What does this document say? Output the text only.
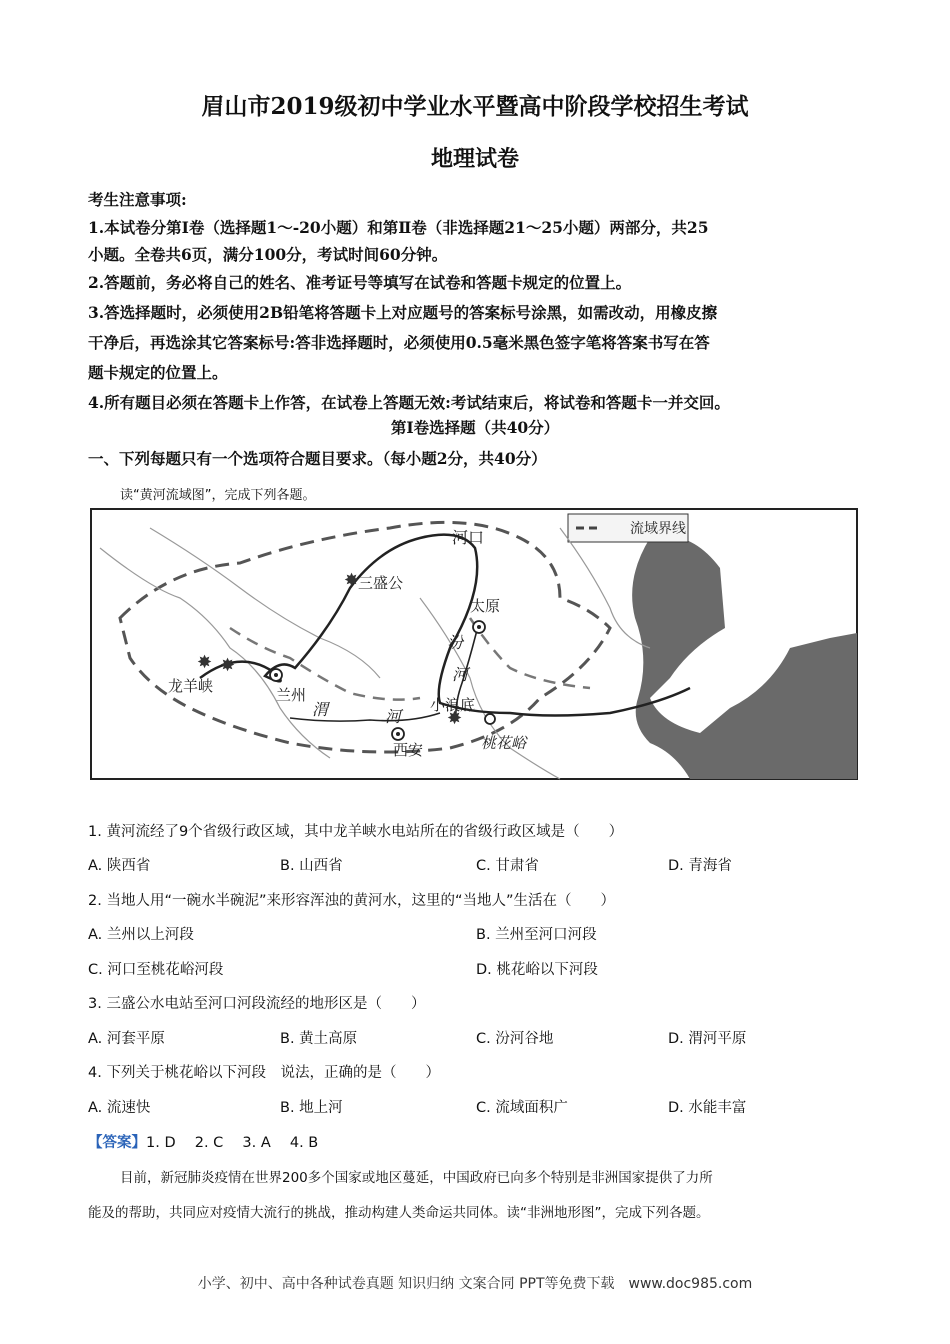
眉山市2019级初中学业水平暨高中阶段学校招生考试
地理试卷
考生注意事项:
1.本试卷分第Ⅰ卷（选择题1～-20小题）和第Ⅱ卷（非选择题21～25小题）两部分，共25
小题。全卷共6页，满分100分，考试时间60分钟。
2.答题前，务必将自己的姓名、准考证号等填写在试卷和答题卡规定的位置上。
3.答选择题时，必须使用2B铅笔将答题卡上对应题号的答案标号涂黑，如需改动，用橡皮擦
干净后，再选涂其它答案标号:答非选择题时，必须使用0.5毫米黑色签字笔将答案书写在答
题卡规定的位置上。
4.所有题目必须在答题卡上作答，在试卷上答题无效:考试结束后，将试卷和答题卡一并交回。
第Ⅰ卷选择题（共40分）
一、下列每题只有一个选项符合题目要求。（每小题2分，共40分）
读“黄河流域图”，完成下列各题。
流域界线
✸
✸ ✸
✸
河口
三盛公
太原
汾
河
龙羊峡	兰州
渭	河
小浪底
西安	桃花峪
1. 黄河流经了9个省级行政区域，其中龙羊峡水电站所在的省级行政区域是（　　）
A. 陕西省	B. 山西省	C. 甘肃省	D. 青海省
2. 当地人用“一碗水半碗泥”来形容浑浊的黄河水，这里的“当地人”生活在（　　）
A. 兰州以上河段	B. 兰州至河口河段
C. 河口至桃花峪河段	D. 桃花峪以下河段
3. 三盛公水电站至河口河段流经的地形区是（　　）
A. 河套平原	B. 黄土高原	C. 汾河谷地	D. 渭河平原
4. 下列关于桃花峪以下河段　说法，正确的是（　　）
A. 流速快	B. 地上河	C. 流域面积广	D. 水能丰富
【答案】1. D　 2. C　 3. A　 4. B
目前，新冠肺炎疫情在世界200多个国家或地区蔓延，中国政府已向多个特别是非洲国家提供了力所
能及的帮助，共同应对疫情大流行的挑战，推动构建人类命运共同体。读“非洲地形图”，完成下列各题。
小学、初中、高中各种试卷真题 知识归纳 文案合同 PPT等免费下载　www.doc985.com
